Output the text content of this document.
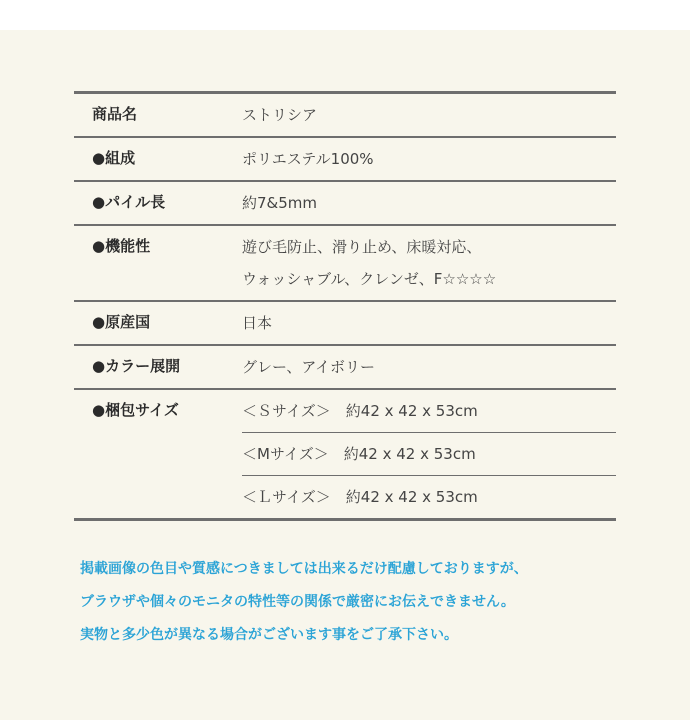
商品名	ストリシア
●組成	ポリエステル100%
●パイル長	約7&5mm
●機能性	遊び毛防止、滑り止め、床暖対応、
ウォッシャブル、クレンゼ、F☆☆☆☆
●原産国	日本
●カラー展開	グレー、アイボリー
●梱包サイズ	＜Ｓサイズ＞　約42 x 42 x 53cm
＜Mサイズ＞　約42 x 42 x 53cm
＜Ｌサイズ＞　約42 x 42 x 53cm
掲載画像の色目や質感につきましては出来るだけ配慮しておりますが、
ブラウザや個々のモニタの特性等の関係で厳密にお伝えできません。
実物と多少色が異なる場合がございます事をご了承下さい。
